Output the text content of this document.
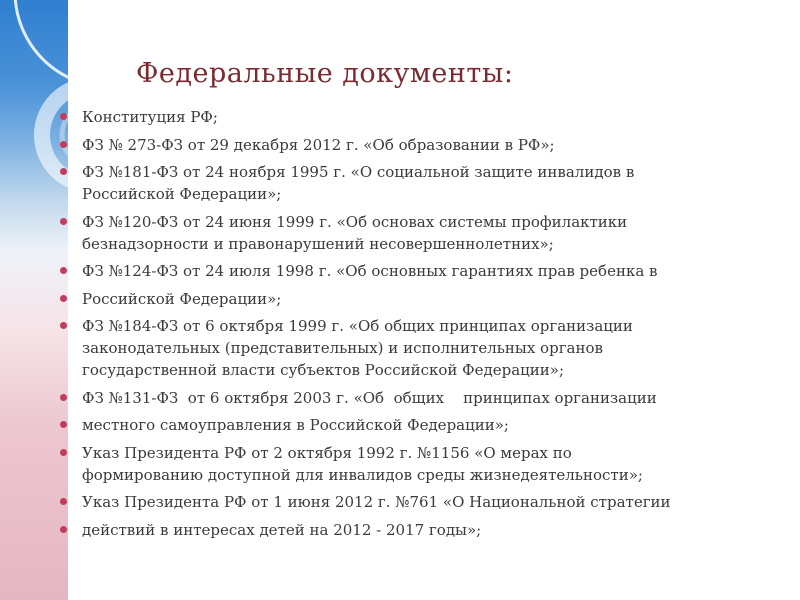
Федеральные документы:
Конституция РФ;
ФЗ № 273-ФЗ от 29 декабря 2012 г. «Об образовании в РФ»;
ФЗ №181-ФЗ от 24 ноября 1995 г. «О социальной защите инвалидов в
Российской Федерации»;
ФЗ №120-ФЗ от 24 июня 1999 г. «Об основах системы профилактики
безнадзорности и правонарушений несовершеннолетних»;
ФЗ №124-ФЗ от 24 июля 1998 г. «Об основных гарантиях прав ребенка в
Российской Федерации»;
ФЗ №184-ФЗ от 6 октября 1999 г. «Об общих принципах организации
законодательных (представительных) и исполнительных органов
государственной власти субъектов Российской Федерации»;
ФЗ №131-ФЗ  от 6 октября 2003 г. «Об  общих    принципах организации
местного самоуправления в Российской Федерации»;
Указ Президента РФ от 2 октября 1992 г. №1156 «О мерах по
формированию доступной для инвалидов среды жизнедеятельности»;
Указ Президента РФ от 1 июня 2012 г. №761 «О Национальной стратегии
действий в интересах детей на 2012 - 2017 годы»;
